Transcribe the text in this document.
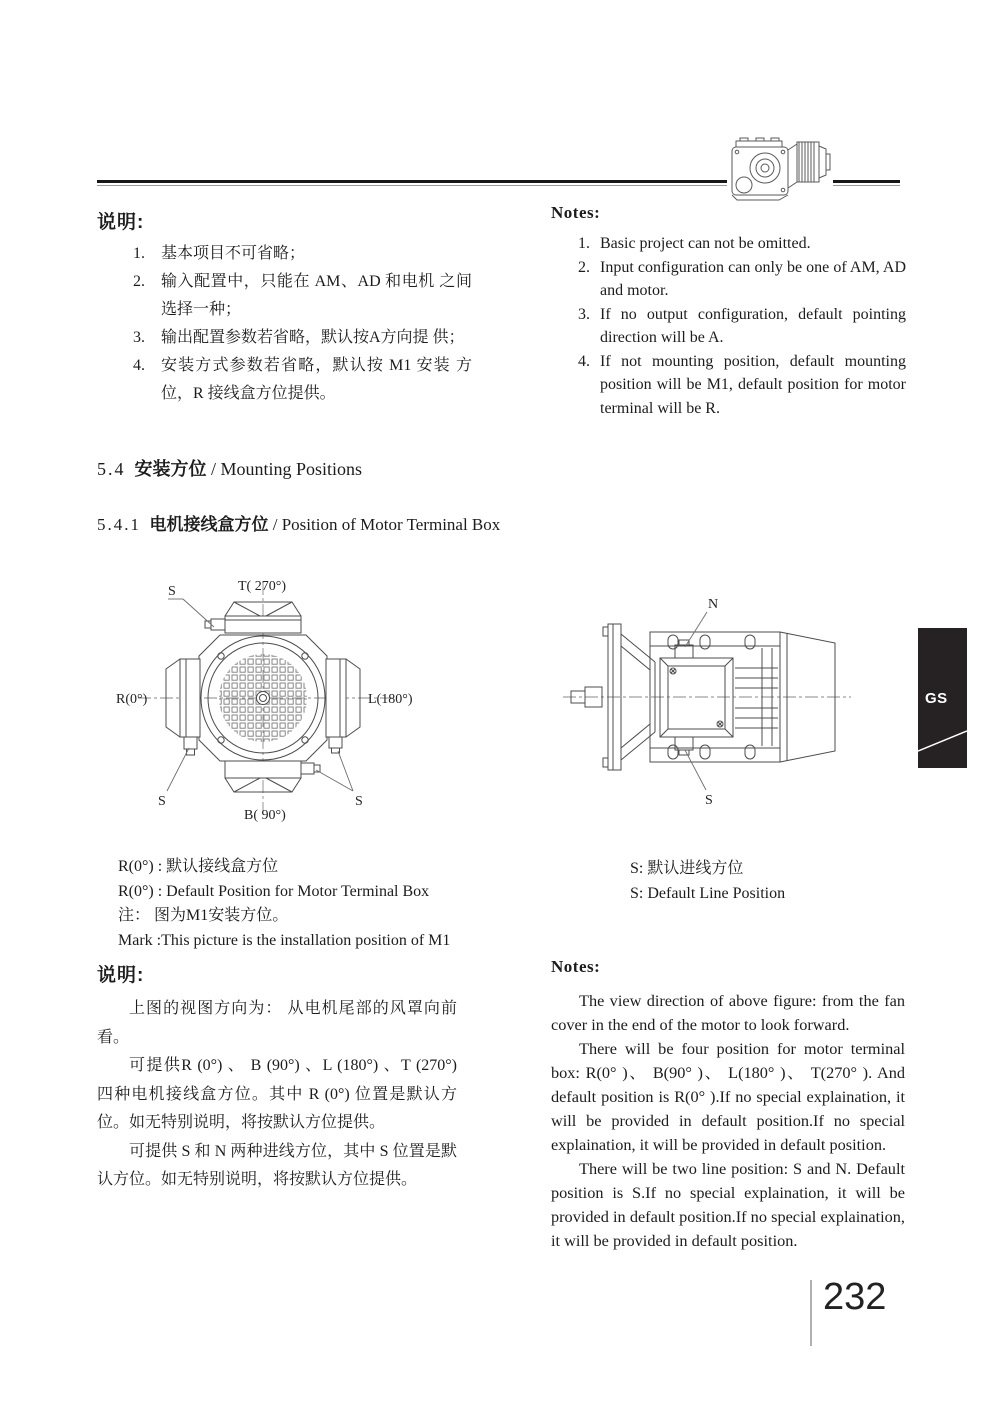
说明:
1.	基本项目不可省略；
2.	输入配置中，只能在 AM、AD 和电机 之间选择一种；
3.	输出配置参数若省略，默认按A方向提 供；
4.	安装方式参数若省略，默认按 M1 安装 方位，R 接线盒方位提供。
Notes:
1. Basic project can not be omitted.
2. Input configuration can only be one of AM, AD and motor.
3. If no output configuration, default pointing direction will be A.
4. If not mounting position, default mounting position will be M1, default position for motor terminal will be R.
5.4 安装方位 / Mounting Positions
5.4.1 电机接线盒方位 / Position of Motor Terminal Box
S	T( 270°)
R(0°)	L(180°)
S	S
B( 90°)
N
S
R(0°) : 默认接线盒方位
R(0°) : Default Position for Motor Terminal Box
注： 图为M1安装方位。
Mark :This picture is the installation position of M1
S: 默认进线方位
S: Default Line Position
说明:

上图的视图方向为： 从电机尾部的风罩向前看。

可提供R (0°) 、 B (90°) 、L (180°) 、T (270°) 四种电机接线盒方位。其中 R (0°) 位置是默认方位。如无特别说明，将按默认方位提供。

可提供 S 和 N 两种进线方位，其中 S 位置是默认方位。如无特别说明，将按默认方位提供。

Notes:

The view direction of above figure: from the fan cover in the end of the motor to look forward.

There will be four position for motor terminal box: R(0° )、 B(90° )、 L(180° )、 T(270° ). And default position is R(0° ).If no special explaination, it will be provided in default position.If no special explaination, it will be provided in default position.

There will be two line position: S and N. Default position is S.If no special explaination, it will be provided in default position.If no special explaination, it will be provided in default position.

GS
232
